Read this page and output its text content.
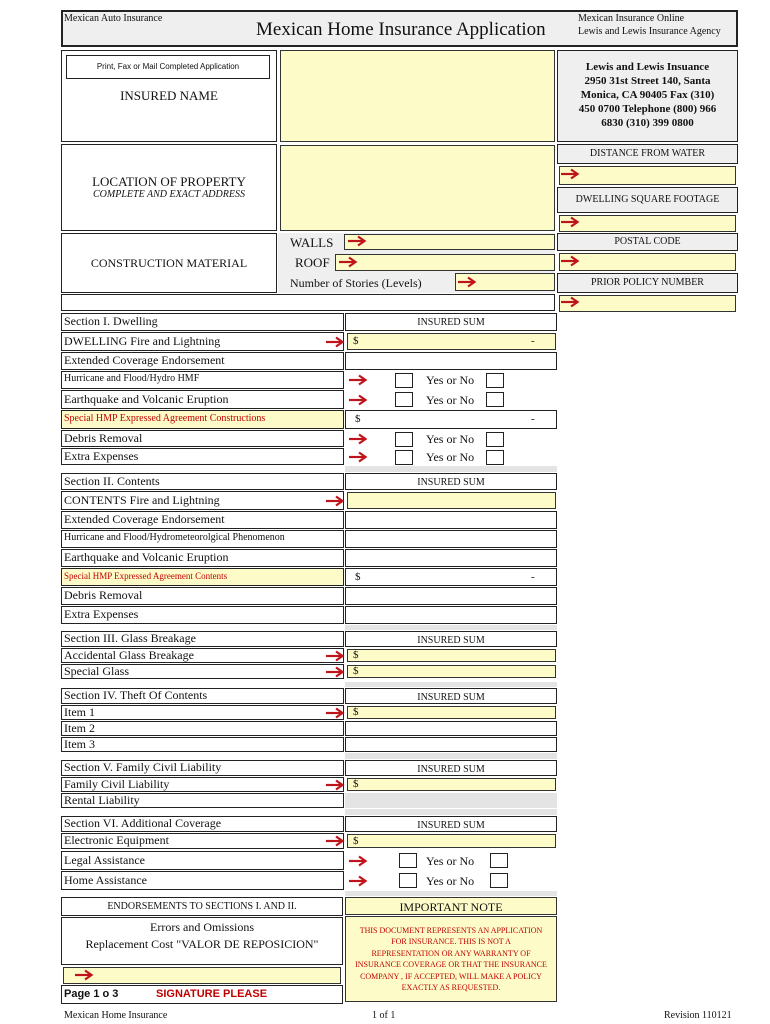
Mexican Auto Insurance
Mexican Home Insurance Application
Mexican Insurance Online
Lewis and Lewis Insurance Agency
Print, Fax or Mail Completed Application
INSURED NAME
Lewis and Lewis Insuance
2950 31st Street 140, Santa
Monica, CA 90405 Fax (310)
450 0700 Telephone (800) 966
6830 (310) 399 0800
LOCATION OF PROPERTY
COMPLETE AND EXACT ADDRESS
DISTANCE FROM WATER
DWELLING SQUARE FOOTAGE
POSTAL CODE
PRIOR POLICY NUMBER
CONSTRUCTION MATERIAL
WALLS
ROOF
Number of Stories (Levels)
Section I. Dwelling	INSURED SUM
DWELLING Fire and Lightning	$	-
Extended Coverage Endorsement
Hurricane and Flood/Hydro HMF	Yes or No
Earthquake and Volcanic Eruption	Yes or No
Special HMP Expressed Agreement Constructions	$	-
Debris Removal	Yes or No
Extra Expenses	Yes or No
Section II. Contents	INSURED SUM
CONTENTS Fire and Lightning
Extended Coverage Endorsement
Hurricane and Flood/Hydrometeorolgical Phenomenon
Earthquake and Volcanic Eruption
Special HMP Expressed Agreement Contents	$	-
Debris Removal
Extra Expenses
Section III. Glass Breakage	INSURED SUM
Accidental Glass Breakage	$
Special Glass	$
Section IV. Theft Of Contents	INSURED SUM
Item 1	$
Item 2
Item 3
Section V. Family Civil Liability	INSURED SUM
Family Civil Liability	$
Rental Liability
Section VI. Additional Coverage	INSURED SUM
Electronic Equipment	$
Legal Assistance	Yes or No
Home Assistance	Yes or No
ENDORSEMENTS TO SECTIONS I. AND II.
Errors and Omissions
Replacement Cost "VALOR DE REPOSICION"
Page 1 o 3	SIGNATURE PLEASE
IMPORTANT NOTE
THIS DOCUMENT REPRESENTS AN APPLICATION
FOR INSURANCE. THIS IS NOT A
REPRESENTATION OR ANY WARRANTY OF
INSURANCE COVERAGE OR THAT THE INSURANCE
COMPANY , IF ACCEPTED, WILL MAKE A POLICY
EXACTLY AS REQUESTED.
Mexican Home Insurance	1 of 1	Revision 110121
